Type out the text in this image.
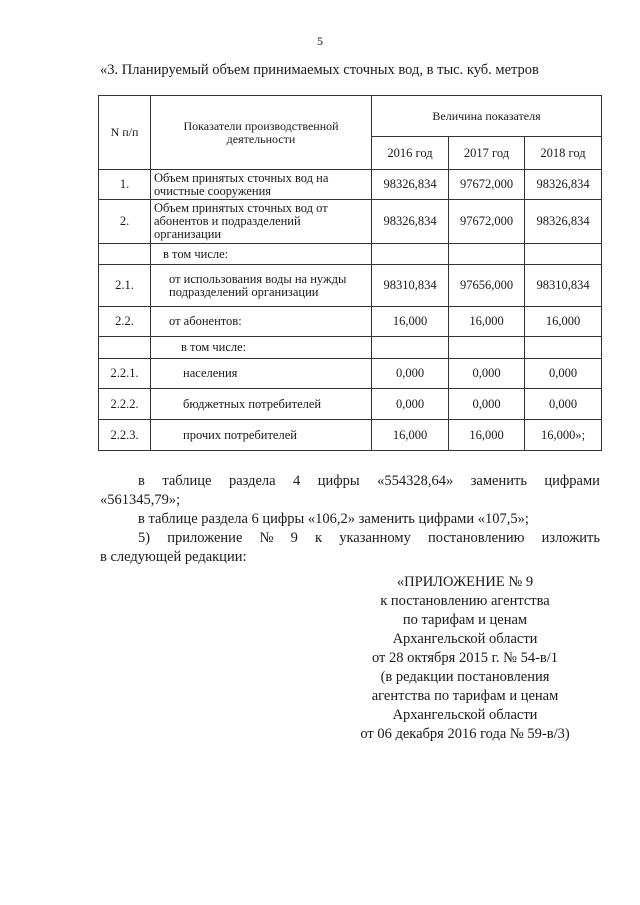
5
«3. Планируемый объем принимаемых сточных вод, в тыс. куб. метров
N п/п	Показатели производственной деятельности	Величина показателя		
		2016 год	2017 год	2018 год
1.	Объем принятых сточных вод на очистные сооружения	98326,834	97672,000	98326,834
2.	Объем принятых сточных вод от абонентов и подразделений организации	98326,834	97672,000	98326,834
	в том числе:			
2.1.	от использования воды на нужды подразделений организации	98310,834	97656,000	98310,834
2.2.	от абонентов:	16,000	16,000	16,000
	в том числе:			
2.2.1.	населения	0,000	0,000	0,000
2.2.2.	бюджетных потребителей	0,000	0,000	0,000
2.2.3.	прочих потребителей	16,000	16,000	16,000»;
в таблице раздела 4 цифры «554328,64» заменить цифрами
«561345,79»;
в таблице раздела 6 цифры «106,2» заменить цифрами «107,5»;
5) приложение № 9 к указанному постановлению изложить
в следующей редакции:
«ПРИЛОЖЕНИЕ № 9
к постановлению агентства
по тарифам и ценам
Архангельской области
от 28 октября 2015 г. № 54-в/1
(в редакции постановления
агентства по тарифам и ценам
Архангельской области
от 06 декабря 2016 года № 59-в/3)
